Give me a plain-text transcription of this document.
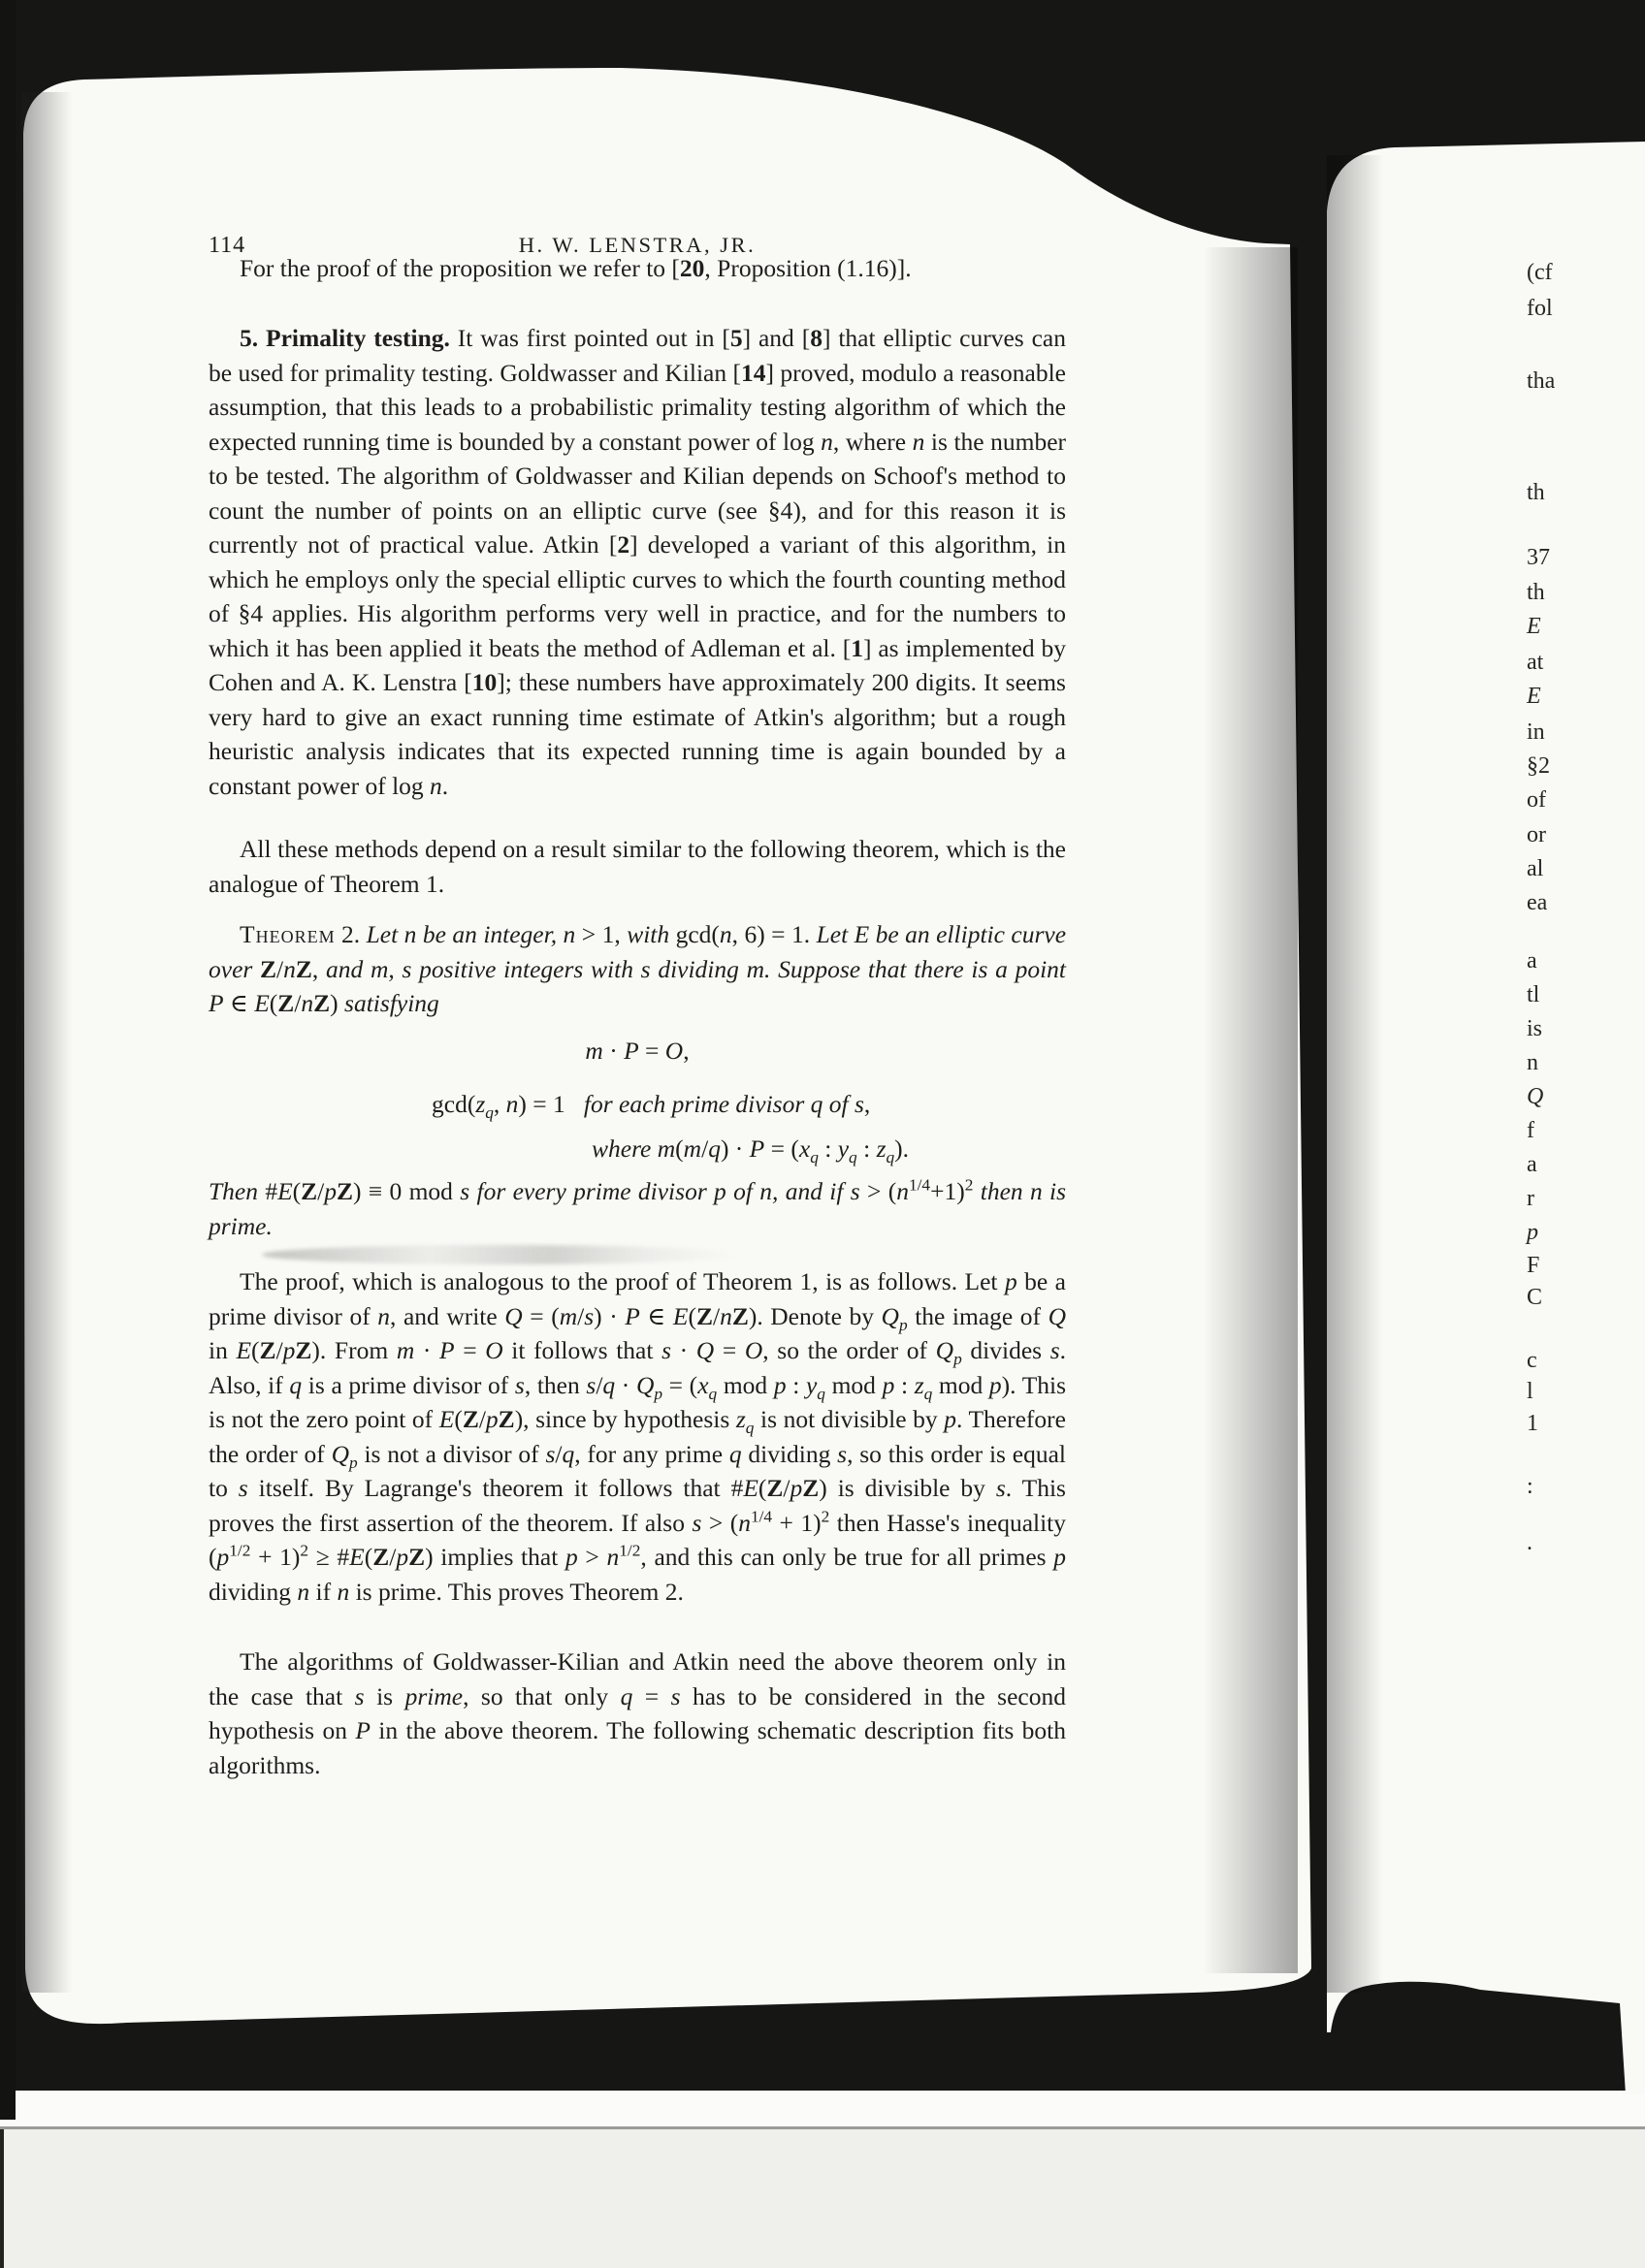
114	H. W. LENSTRA, JR.

For the proof of the proposition we refer to [20, Proposition (1.16)].

5. Primality testing. It was first pointed out in [5] and [8] that elliptic curves can be used for primality testing. Goldwasser and Kilian [14] proved, modulo a reasonable assumption, that this leads to a probabilistic primality testing algorithm of which the expected running time is bounded by a constant power of log n, where n is the number to be tested. The algorithm of Goldwasser and Kilian depends on Schoof's method to count the number of points on an elliptic curve (see §4), and for this reason it is currently not of practical value. Atkin [2] developed a variant of this algorithm, in which he employs only the special elliptic curves to which the fourth counting method of §4 applies. His algorithm performs very well in practice, and for the numbers to which it has been applied it beats the method of Adleman et al. [1] as implemented by Cohen and A. K. Lenstra [10]; these numbers have approximately 200 digits. It seems very hard to give an exact running time estimate of Atkin's algorithm; but a rough heuristic analysis indicates that its expected running time is again bounded by a constant power of log n.

All these methods depend on a result similar to the following theorem, which is the analogue of Theorem 1.

Theorem 2. Let n be an integer, n > 1, with gcd(n, 6) = 1. Let E be an elliptic curve over Z/nZ, and m, s positive integers with s dividing m. Suppose that there is a point P ∈ E(Z/nZ) satisfying

m · P = O,

$\gcd(z_q$, n) = 1   for each prime divisor q of s,

where $m(m/q) \cdot P = (x_q$ : $y_q$ : $z_q$).

Then #E(Z/pZ) ≡ 0 mod s for every prime divisor p of n, and if $s > (n^{1/4}+1)^2$ then n is prime.

The proof, which is analogous to the proof of Theorem 1, is as follows. Let p be a prime divisor of n, and write Q = (m/s) · P ∈ E(Z/nZ). Denote by $Q_p$ the image of Q in E(Z/pZ). From m · P = O it follows that s · Q = O, so the order of $Q_p$ divides s. Also, if q is a prime divisor of s, then $s/q \cdot Q_p = (x_q$ mod p : $y_q$ mod p : $z_q$ mod p). This is not the zero point of E(Z/pZ), since by hypothesis $z_q$ is not divisible by p. Therefore the order of $Q_p$ is not a divisor of s/q, for any prime q dividing s, so this order is equal to s itself. By Lagrange's theorem it follows that #E(Z/pZ) is divisible by s. This proves the first assertion of the theorem. If also $s > (n^{1/4} + 1)^2$ then Hasse's inequality $(p^{1/2} + 1)^2$ ≥ #E(Z/pZ) implies that $p > n^{1/2}$, and this can only be true for all primes p dividing n if n is prime. This proves Theorem 2.

The algorithms of Goldwasser-Kilian and Atkin need the above theorem only in the case that s is prime, so that only q = s has to be considered in the second hypothesis on P in the above theorem. The following schematic description fits both algorithms.

(cf
fol
tha
th
37
th
E
at
E
in
§2
of
or
al
ea
a
tl
is
n
Q
f
a
r
p
F
C
c
l
1
:
.
